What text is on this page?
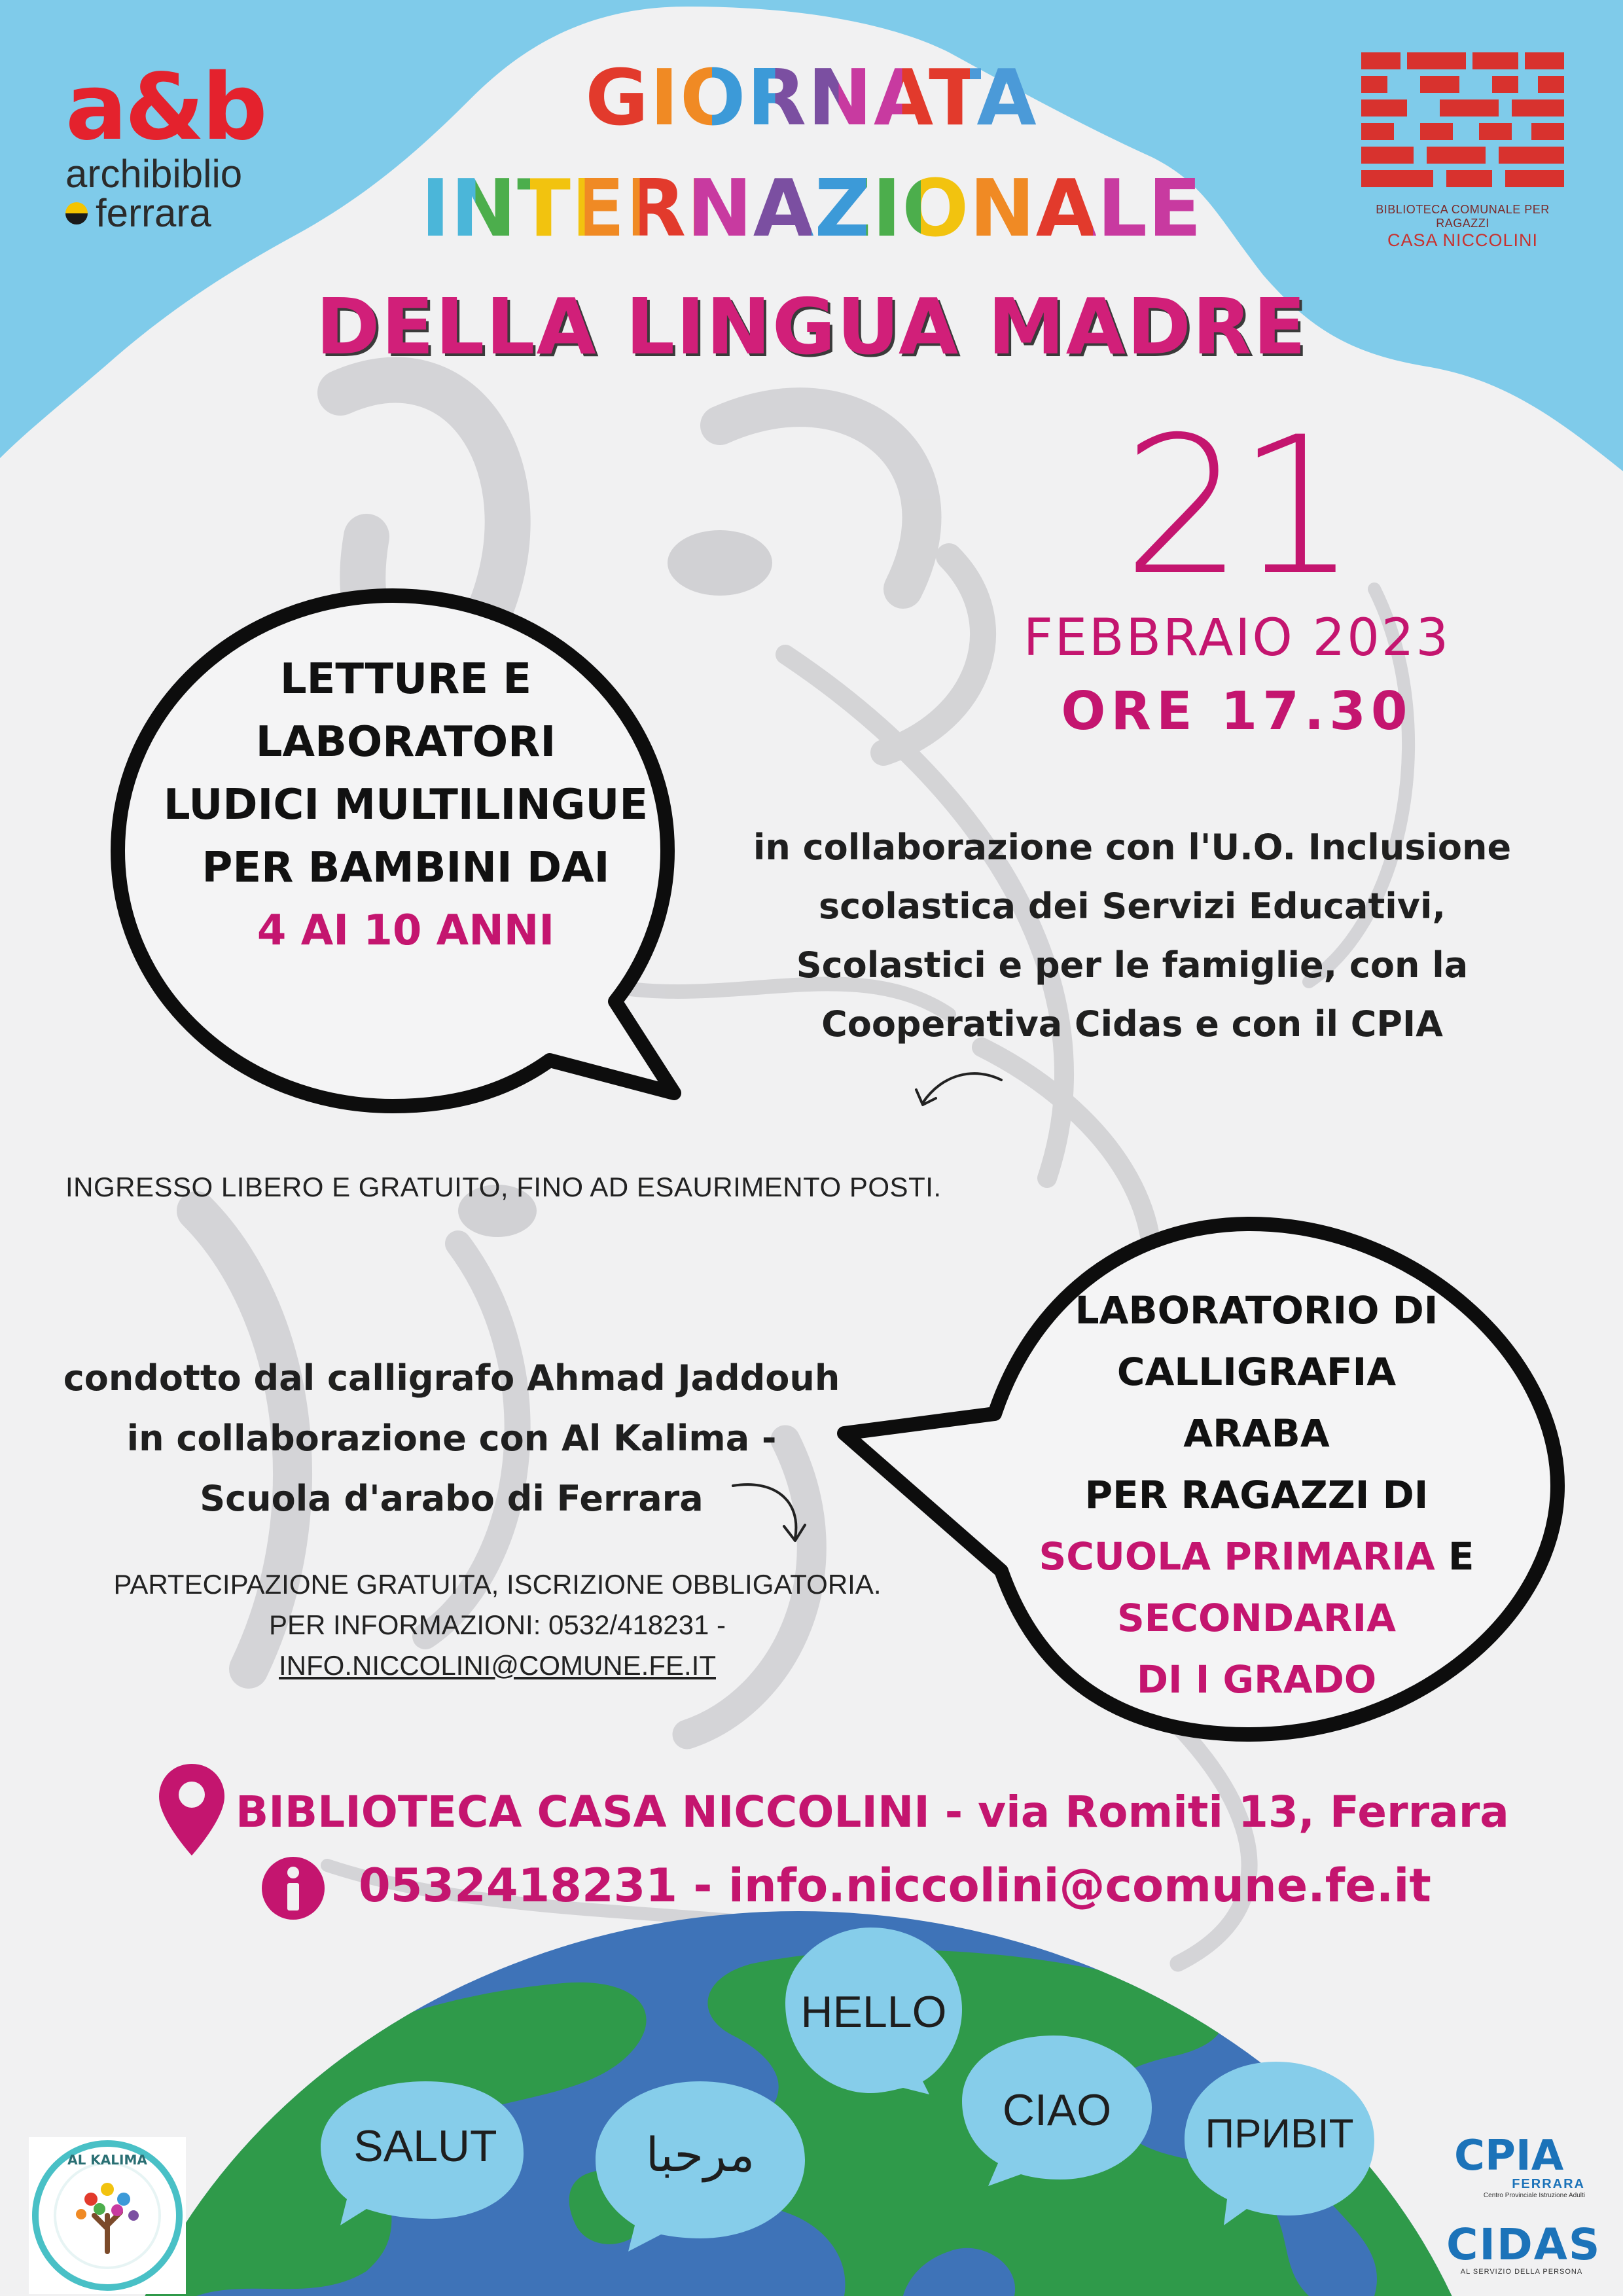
a&b
archibiblio
ferrara	BIBLIOTECA COMUNALE PER RAGAZZI
CASA NICCOLINI
GIORNATA
INTERNAZIONALE
DELLA LINGUA MADRE
21
FEBBRAIO 2023
ORE 17.30
LETTURE E
LABORATORI
LUDICI MULTILINGUE
PER BAMBINI DAI
4 AI 10 ANNI
in collaborazione con l'U.O. Inclusione
scolastica dei Servizi Educativi,
Scolastici e per le famiglie, con la
Cooperativa Cidas e con il CPIA
INGRESSO LIBERO E GRATUITO, FINO AD ESAURIMENTO POSTI.
LABORATORIO DI
CALLIGRAFIA
ARABA
PER RAGAZZI DI
SCUOLA PRIMARIA E
SECONDARIA
DI I GRADO
condotto dal calligrafo Ahmad Jaddouh
in collaborazione con Al Kalima -
Scuola d'arabo di Ferrara
PARTECIPAZIONE GRATUITA, ISCRIZIONE OBBLIGATORIA.
PER INFORMAZIONI: 0532/418231 -
INFO.NICCOLINI@COMUNE.FE.IT
BIBLIOTECA CASA NICCOLINI - via Romiti 13, Ferrara
0532418231 - info.niccolini@comune.fe.it
HELLO
CIAO
SALUT	مرحبا	ПРИВІТ
AL KALIMA	CPIA
FERRARA
Centro Provinciale Istruzione Adulti
CIDAS
AL SERVIZIO DELLA PERSONA
